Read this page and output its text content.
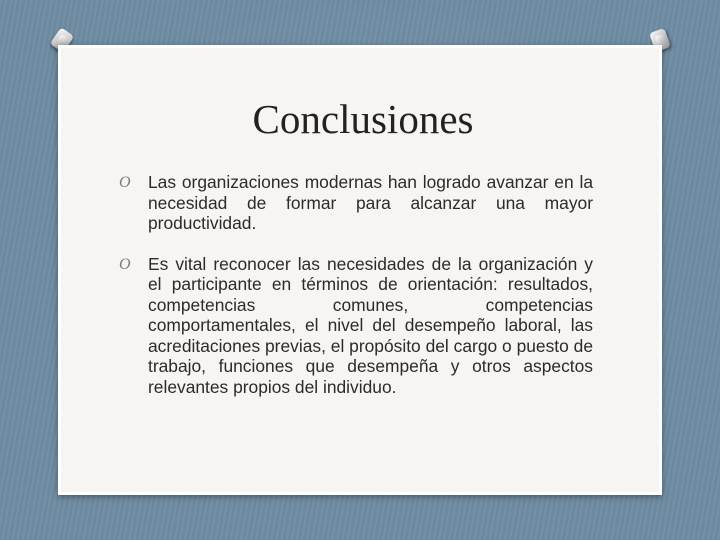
Conclusiones
O Las organizaciones modernas han logrado avanzar en la necesidad de formar para alcanzar una mayor productividad.
O Es vital reconocer las necesidades de la organización y el participante en términos de orientación: resultados, competencias comunes, competencias comportamentales, el nivel del desempeño laboral, las acreditaciones previas, el propósito del cargo o puesto de trabajo, funciones que desempeña y otros aspectos relevantes propios del individuo.
